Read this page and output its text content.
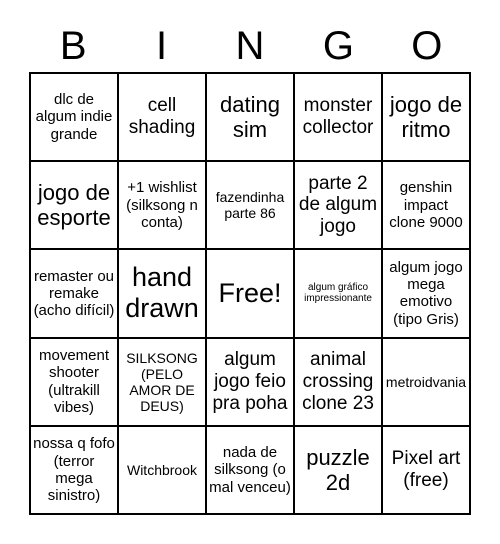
B	I	N	G	O
dlc de algum indie grande
cell shading
dating sim
monster collector
jogo de ritmo
jogo de esporte
+1 wishlist (silksong n conta)
fazendinha parte 86
parte 2 de algum jogo
genshin impact clone 9000
remaster ou remake (acho difícil)
hand drawn
Free!	algum gráfico impressionante
algum jogo mega emotivo (tipo Gris)
movement shooter (ultrakill vibes)
SILKSONG (PELO AMOR DE DEUS)
algum jogo feio pra poha
animal crossing clone 23
metroidvania
nossa q fofo (terror mega sinistro)
Witchbrook
nada de silksong (o mal venceu)
puzzle 2d
Pixel art (free)
